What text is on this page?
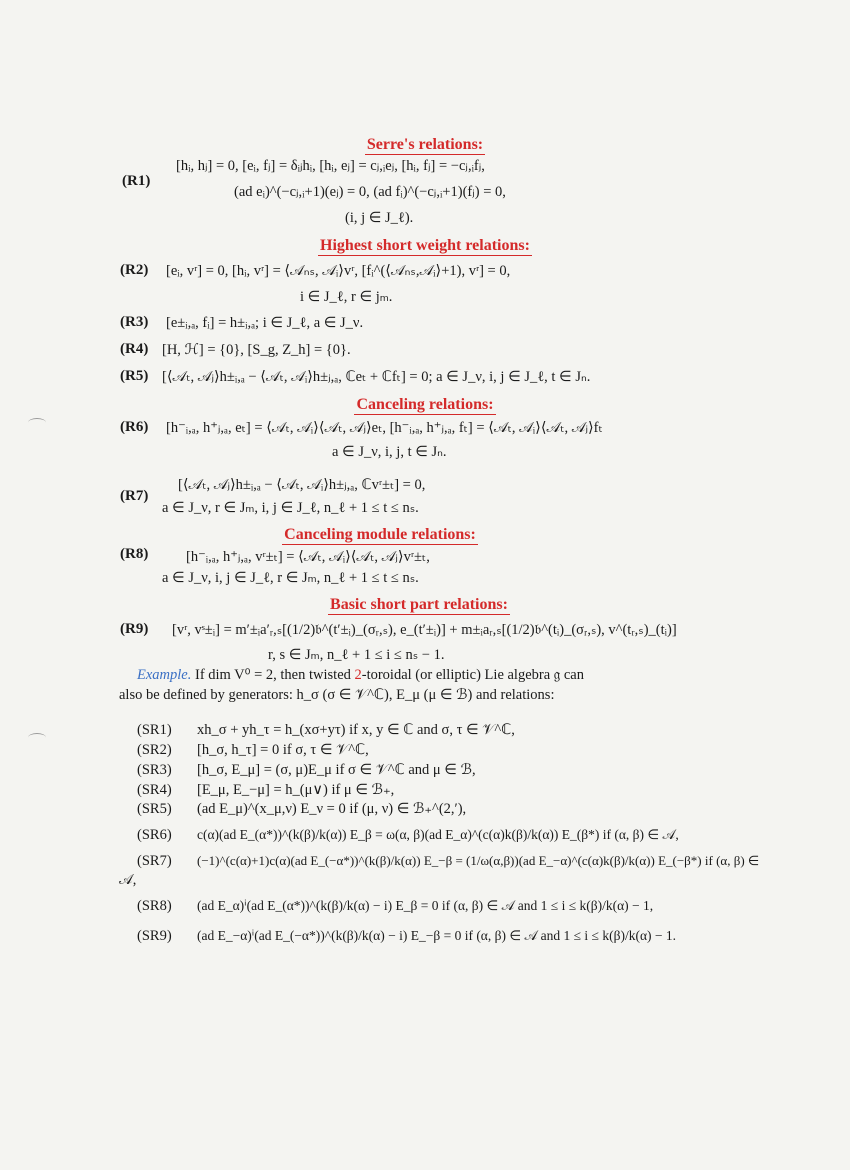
Serre's relations:
(R1)
[hᵢ, hⱼ] = 0, [eᵢ, fⱼ] = δᵢⱼhᵢ, [hᵢ, eⱼ] = cⱼ,ᵢeⱼ, [hᵢ, fⱼ] = −cⱼ,ᵢfⱼ,
(ad eᵢ)^(−cⱼ,ᵢ+1)(eⱼ) = 0, (ad fᵢ)^(−cⱼ,ᵢ+1)(fⱼ) = 0,
(i, j ∈ J_ℓ).
Highest short weight relations:
(R2) [eᵢ, vʳ] = 0, [hᵢ, vʳ] = ⟨𝒜ₙₛ, 𝒜ᵢ⟩vʳ, [fᵢ^(⟨𝒜ₙₛ,𝒜ᵢ⟩+1), vʳ] = 0,
i ∈ J_ℓ, r ∈ jₘ.
(R3) [e±ᵢ,ₐ, fᵢ] = h±ᵢ,ₐ; i ∈ J_ℓ, a ∈ J_ν.
(R4) [H, ℋ] = {0}, [S_g, Z_h] = {0}.
(R5) [⟨𝒜ₜ, 𝒜ⱼ⟩h±ᵢ,ₐ − ⟨𝒜ₜ, 𝒜ᵢ⟩h±ⱼ,ₐ, ℂeₜ + ℂfₜ] = 0; a ∈ J_ν, i, j ∈ J_ℓ, t ∈ Jₙ.
Canceling relations:
(R6) [h⁻ᵢ,ₐ, h⁺ⱼ,ₐ, eₜ] = ⟨𝒜ₜ, 𝒜ᵢ⟩⟨𝒜ₜ, 𝒜ⱼ⟩eₜ, [h⁻ᵢ,ₐ, h⁺ⱼ,ₐ, fₜ] = ⟨𝒜ₜ, 𝒜ᵢ⟩⟨𝒜ₜ, 𝒜ⱼ⟩fₜ
a ∈ J_ν, i, j, t ∈ Jₙ.
(R7)
[⟨𝒜ₜ, 𝒜ⱼ⟩h±ᵢ,ₐ − ⟨𝒜ₜ, 𝒜ᵢ⟩h±ⱼ,ₐ, ℂvʳ±ₜ] = 0,
a ∈ J_ν, r ∈ Jₘ, i, j ∈ J_ℓ, n_ℓ + 1 ≤ t ≤ nₛ.
Canceling module relations:
(R8)	[h⁻ᵢ,ₐ, h⁺ⱼ,ₐ, vʳ±ₜ] = ⟨𝒜ₜ, 𝒜ᵢ⟩⟨𝒜ₜ, 𝒜ⱼ⟩vʳ±ₜ,
a ∈ J_ν, i, j ∈ J_ℓ, r ∈ Jₘ, n_ℓ + 1 ≤ t ≤ nₛ.
Basic short part relations:
(R9) [vʳ, vˢ±ᵢ] = m′±ᵢa′ᵣ,ₛ[(1/2)𝔟^(t′±ᵢ)_(σᵣ,ₛ), e_(t′±ᵢ)] + m±ᵢaᵣ,ₛ[(1/2)𝔟^(tᵢ)_(σᵣ,ₛ), v^(tᵣ,ₛ)_(tᵢ)]
r, s ∈ Jₘ, n_ℓ + 1 ≤ i ≤ nₛ − 1.
Example. If dim V⁰ = 2, then twisted 2-toroidal (or elliptic) Lie algebra 𝔤 can
also be defined by generators: h_σ (σ ∈ 𝒱^ℂ), E_μ (μ ∈ ℬ) and relations:
(SR1) xh_σ + yh_τ = h_(xσ+yτ) if x, y ∈ ℂ and σ, τ ∈ 𝒱^ℂ,
(SR2) [h_σ, h_τ] = 0 if σ, τ ∈ 𝒱^ℂ,
(SR3) [h_σ, E_μ] = (σ, μ)E_μ if σ ∈ 𝒱^ℂ and μ ∈ ℬ,
(SR4) [E_μ, E_−μ] = h_(μ∨) if μ ∈ ℬ₊,
(SR5) (ad E_μ)^(x_μ,ν) E_ν = 0 if (μ, ν) ∈ ℬ₊^(2,′),
(SR6) c(α)(ad E_(α*))^(k(β)/k(α)) E_β = ω(α, β)(ad E_α)^(c(α)k(β)/k(α)) E_(β*) if (α, β) ∈ 𝒜,
(SR7) (−1)^(c(α)+1)c(α)(ad E_(−α*))^(k(β)/k(α)) E_−β = (1/ω(α,β))(ad E_−α)^(c(α)k(β)/k(α)) E_(−β*) if (α, β) ∈
𝒜,
(SR8) (ad E_α)ⁱ(ad E_(α*))^(k(β)/k(α) − i) E_β = 0 if (α, β) ∈ 𝒜 and 1 ≤ i ≤ k(β)/k(α) − 1,
(SR9) (ad E_−α)ⁱ(ad E_(−α*))^(k(β)/k(α) − i) E_−β = 0 if (α, β) ∈ 𝒜 and 1 ≤ i ≤ k(β)/k(α) − 1.
